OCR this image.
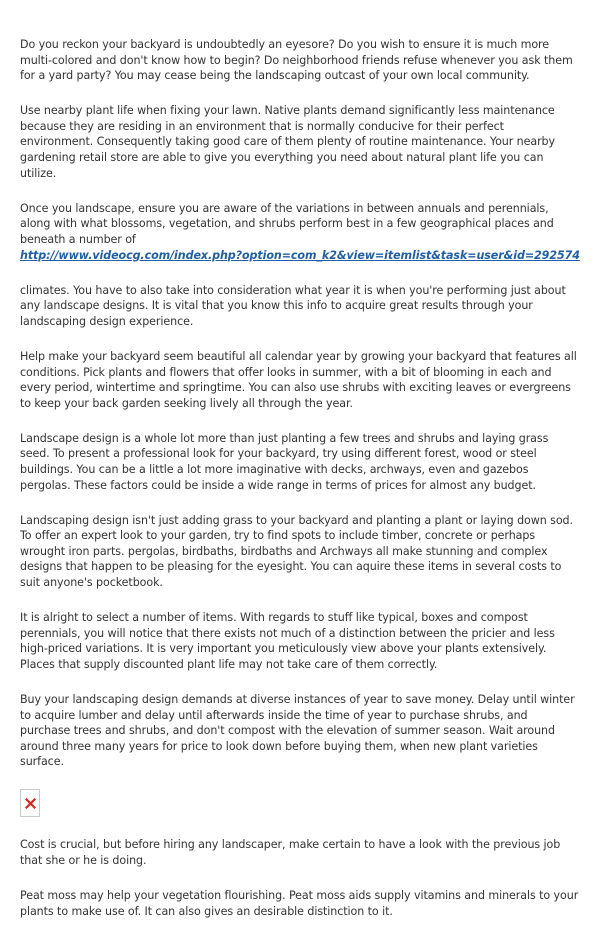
Do you reckon your backyard is undoubtedly an eyesore? Do you wish to ensure it is much more multi-colored and don't know how to begin? Do neighborhood friends refuse whenever you ask them for a yard party? You may cease being the landscaping outcast of your own local community.

Use nearby plant life when fixing your lawn. Native plants demand significantly less maintenance because they are residing in an environment that is normally conducive for their perfect environment. Consequently taking good care of them plenty of routine maintenance. Your nearby gardening retail store are able to give you everything you need about natural plant life you can utilize.

Once you landscape, ensure you are aware of the variations in between annuals and perennials, along with what blossoms, vegetation, and shrubs perform best in a few geographical places and beneath a number of
http://www.videocg.com/index.php?option=com_k2&view=itemlist&task=user&id=292574

climates. You have to also take into consideration what year it is when you're performing just about any landscape designs. It is vital that you know this info to acquire great results through your landscaping design experience.

Help make your backyard seem beautiful all calendar year by growing your backyard that features all conditions. Pick plants and flowers that offer looks in summer, with a bit of blooming in each and every period, wintertime and springtime. You can also use shrubs with exciting leaves or evergreens to keep your back garden seeking lively all through the year.

Landscape design is a whole lot more than just planting a few trees and shrubs and laying grass seed. To present a professional look for your backyard, try using different forest, wood or steel buildings. You can be a little a lot more imaginative with decks, archways, even and gazebos pergolas. These factors could be inside a wide range in terms of prices for almost any budget.

Landscaping design isn't just adding grass to your backyard and planting a plant or laying down sod. To offer an expert look to your garden, try to find spots to include timber, concrete or perhaps wrought iron parts. pergolas, birdbaths, birdbaths and Archways all make stunning and complex designs that happen to be pleasing for the eyesight. You can aquire these items in several costs to suit anyone's pocketbook.

It is alright to select a number of items. With regards to stuff like typical, boxes and compost perennials, you will notice that there exists not much of a distinction between the pricier and less high-priced variations. It is very important you meticulously view above your plants extensively. Places that supply discounted plant life may not take care of them correctly.

Buy your landscaping design demands at diverse instances of year to save money. Delay until winter to acquire lumber and delay until afterwards inside the time of year to purchase shrubs, and purchase trees and shrubs, and don't compost with the elevation of summer season. Wait around around three many years for price to look down before buying them, when new plant varieties surface.

Cost is crucial, but before hiring any landscaper, make certain to have a look with the previous job that she or he is doing.

Peat moss may help your vegetation flourishing. Peat moss aids supply vitamins and minerals to your plants to make use of. It can also gives an desirable distinction to it.
